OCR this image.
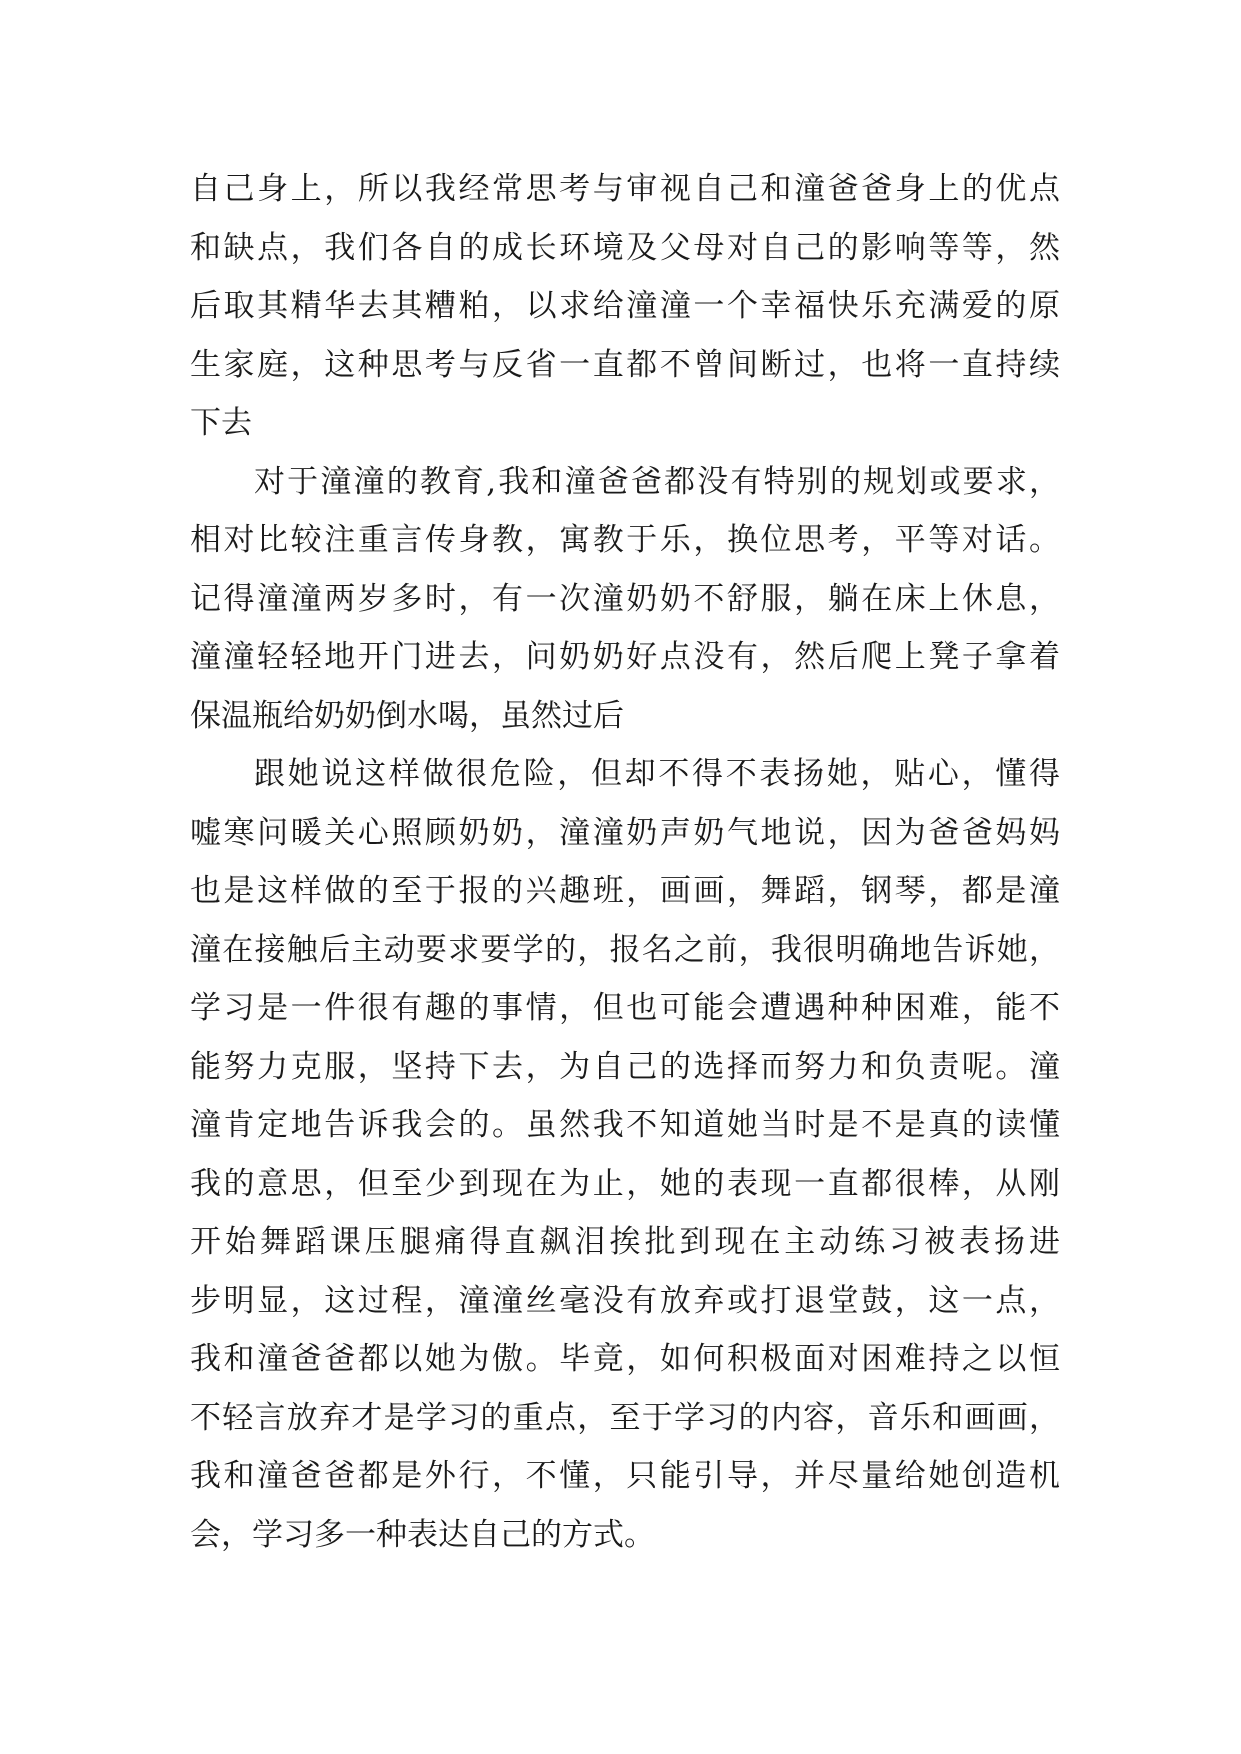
自己身上，所以我经常思考与审视自己和潼爸爸身上的优点
和缺点，我们各自的成长环境及父母对自己的影响等等，然
后取其精华去其糟粕，以求给潼潼一个幸福快乐充满爱的原
生家庭，这种思考与反省一直都不曾间断过，也将一直持续
下去
对于潼潼的教育,我和潼爸爸都没有特别的规划或要求，
相对比较注重言传身教，寓教于乐，换位思考，平等对话。
记得潼潼两岁多时，有一次潼奶奶不舒服，躺在床上休息，
潼潼轻轻地开门进去，问奶奶好点没有，然后爬上凳子拿着
保温瓶给奶奶倒水喝，虽然过后
跟她说这样做很危险，但却不得不表扬她，贴心，懂得
嘘寒问暖关心照顾奶奶，潼潼奶声奶气地说，因为爸爸妈妈
也是这样做的至于报的兴趣班，画画，舞蹈，钢琴，都是潼
潼在接触后主动要求要学的，报名之前，我很明确地告诉她，
学习是一件很有趣的事情，但也可能会遭遇种种困难，能不
能努力克服，坚持下去，为自己的选择而努力和负责呢。潼
潼肯定地告诉我会的。虽然我不知道她当时是不是真的读懂
我的意思，但至少到现在为止，她的表现一直都很棒，从刚
开始舞蹈课压腿痛得直飙泪挨批到现在主动练习被表扬进
步明显，这过程，潼潼丝毫没有放弃或打退堂鼓，这一点，
我和潼爸爸都以她为傲。毕竟，如何积极面对困难持之以恒
不轻言放弃才是学习的重点，至于学习的内容，音乐和画画，
我和潼爸爸都是外行，不懂，只能引导，并尽量给她创造机
会，学习多一种表达自己的方式。
